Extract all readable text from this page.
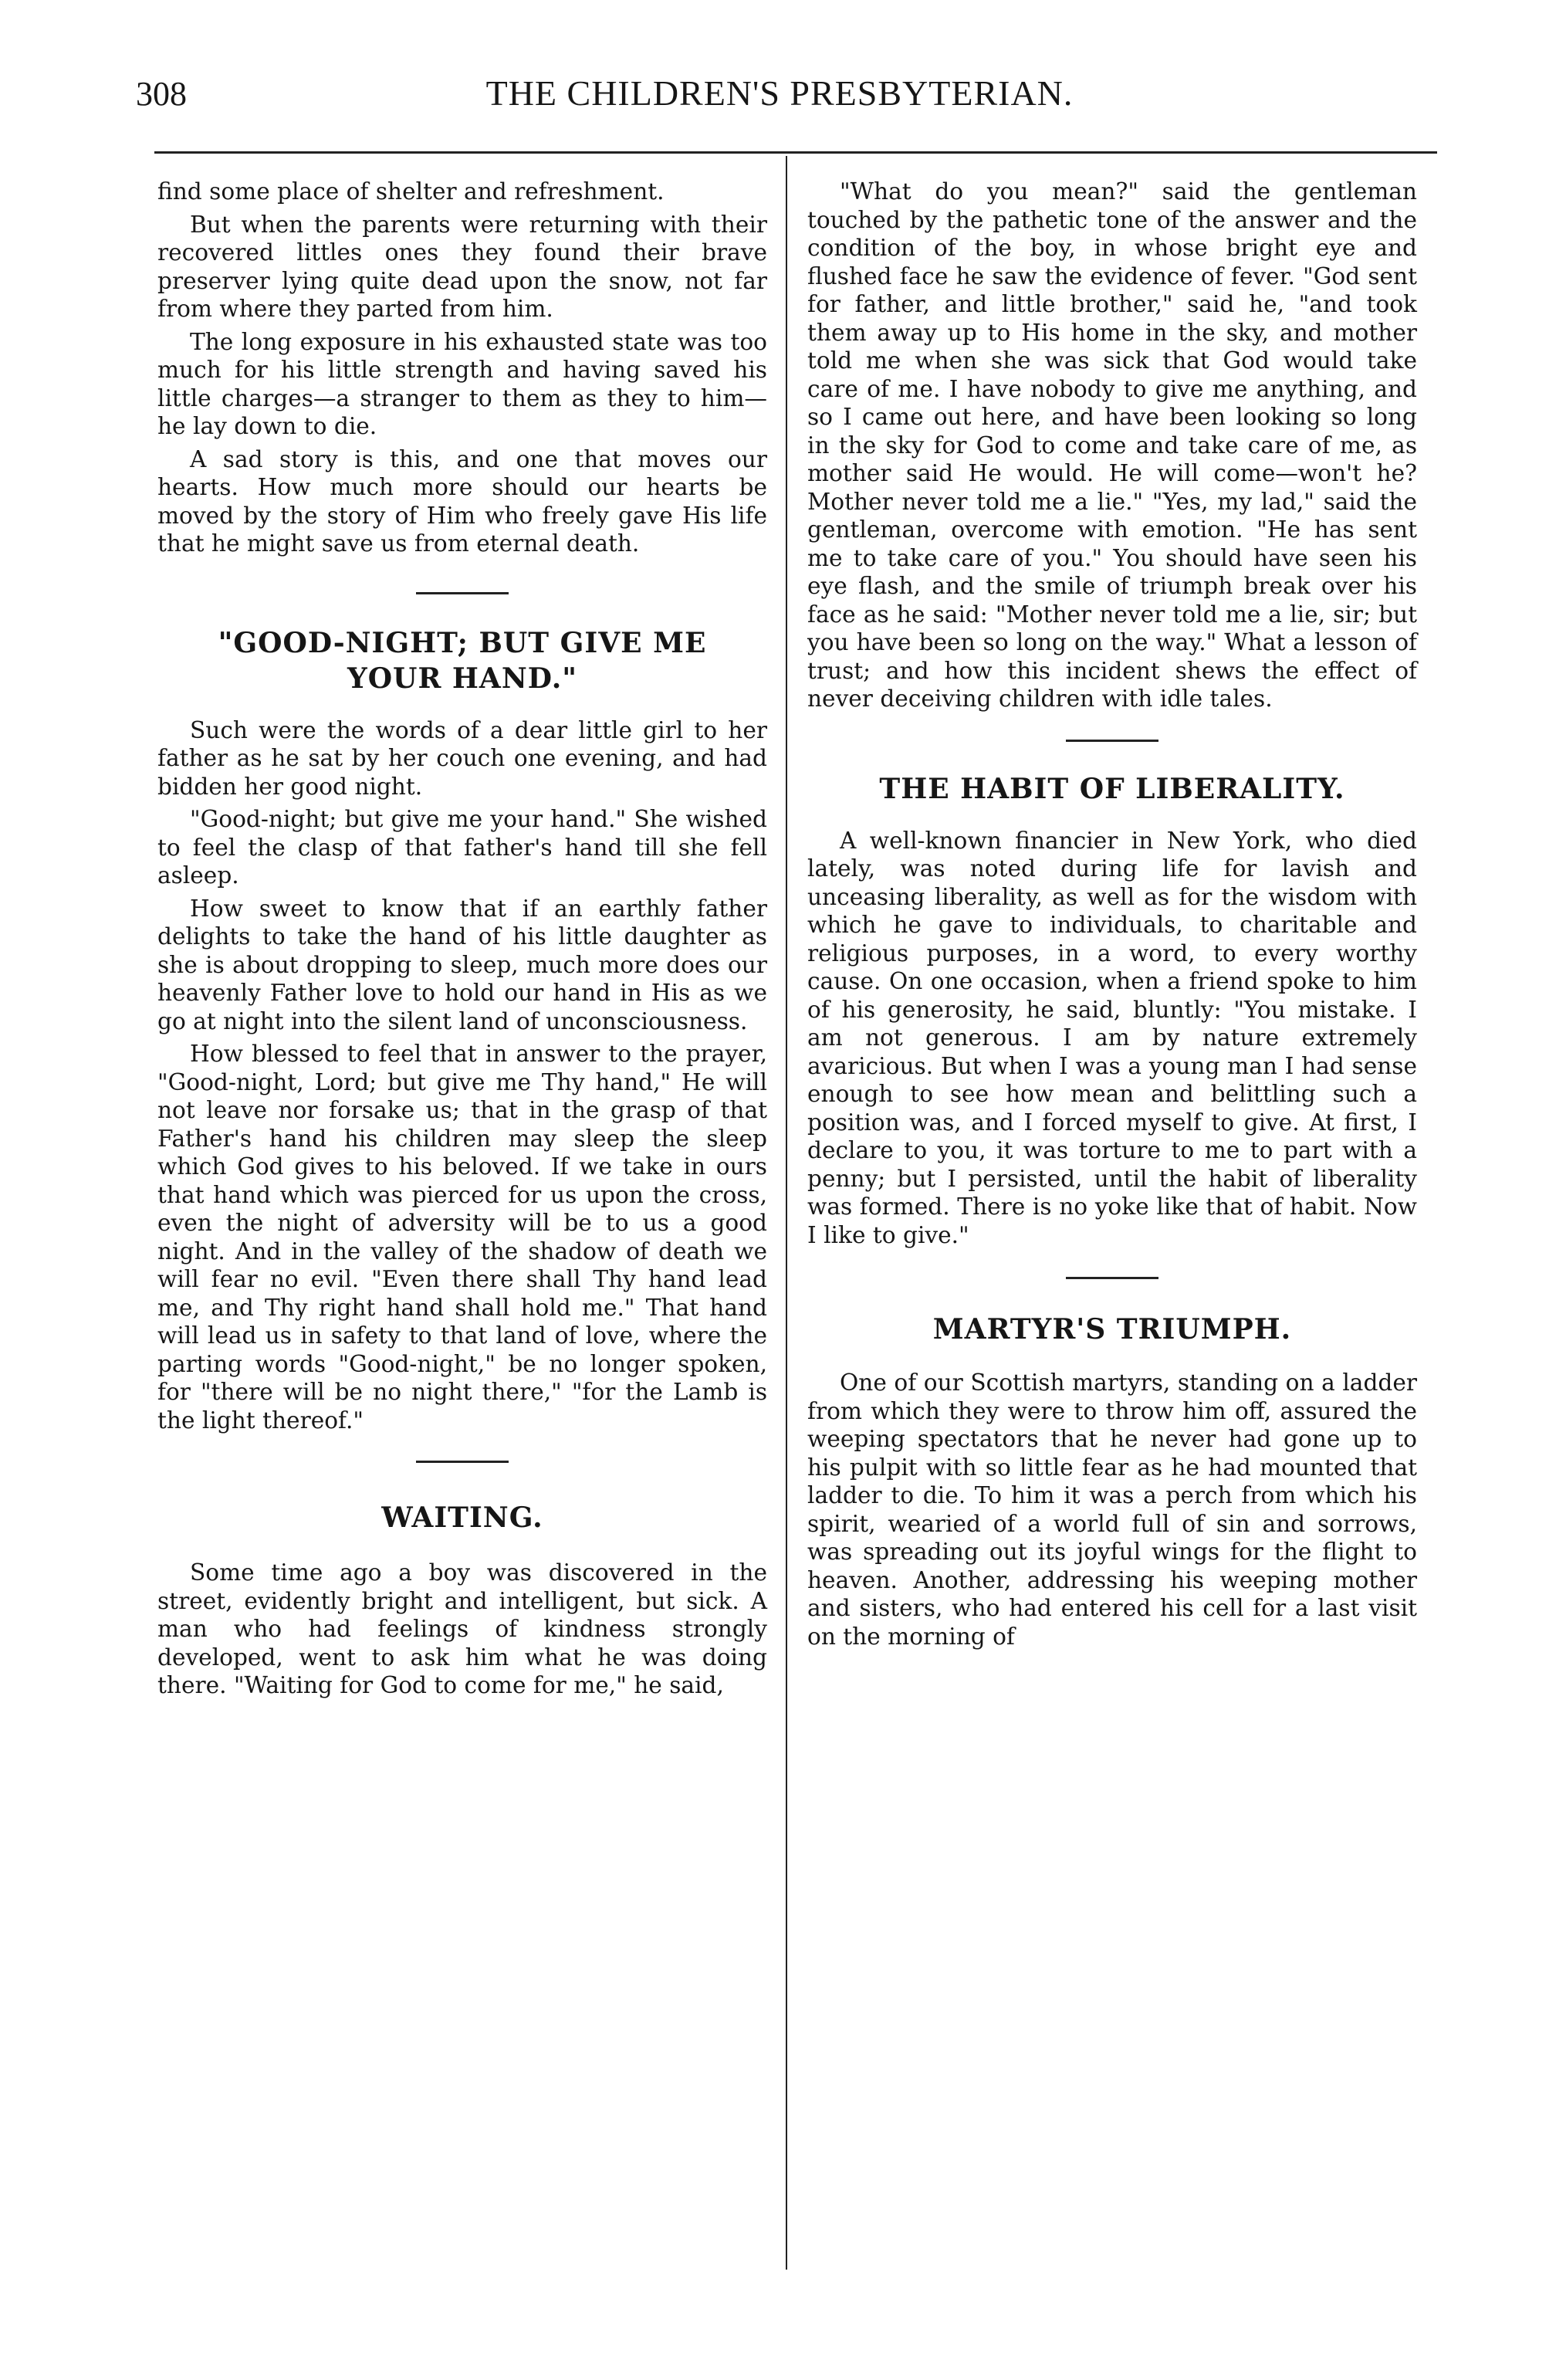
308	THE CHILDREN'S PRESBYTERIAN.

find some place of shelter and refreshment.

But when the parents were returning with their recovered littles ones they found their brave preserver lying quite dead upon the snow, not far from where they parted from him.

The long exposure in his exhausted state was too much for his little strength and having saved his little charges—a stranger to them as they to him—he lay down to die.

A sad story is this, and one that moves our hearts. How much more should our hearts be moved by the story of Him who freely gave His life that he might save us from eternal death.

"GOOD-NIGHT; BUT GIVE ME YOUR HAND."

Such were the words of a dear little girl to her father as he sat by her couch one evening, and had bidden her good night.

"Good-night; but give me your hand." She wished to feel the clasp of that father's hand till she fell asleep.

How sweet to know that if an earthly father delights to take the hand of his little daughter as she is about dropping to sleep, much more does our heavenly Father love to hold our hand in His as we go at night into the silent land of unconsciousness.

How blessed to feel that in answer to the prayer, "Good-night, Lord; but give me Thy hand," He will not leave nor forsake us; that in the grasp of that Father's hand his children may sleep the sleep which God gives to his beloved. If we take in ours that hand which was pierced for us upon the cross, even the night of adversity will be to us a good night. And in the valley of the shadow of death we will fear no evil. "Even there shall Thy hand lead me, and Thy right hand shall hold me." That hand will lead us in safety to that land of love, where the parting words "Good-night," be no longer spoken, for "there will be no night there," "for the Lamb is the light thereof."

WAITING.

Some time ago a boy was discovered in the street, evidently bright and intelligent, but sick. A man who had feelings of kindness strongly developed, went to ask him what he was doing there. "Waiting for God to come for me," he said,

"What do you mean?" said the gentleman touched by the pathetic tone of the answer and the condition of the boy, in whose bright eye and flushed face he saw the evidence of fever. "God sent for father, and little brother," said he, "and took them away up to His home in the sky, and mother told me when she was sick that God would take care of me. I have nobody to give me anything, and so I came out here, and have been looking so long in the sky for God to come and take care of me, as mother said He would. He will come—won't he? Mother never told me a lie." "Yes, my lad," said the gentleman, overcome with emotion. "He has sent me to take care of you." You should have seen his eye flash, and the smile of triumph break over his face as he said: "Mother never told me a lie, sir; but you have been so long on the way." What a lesson of trust; and how this incident shews the effect of never deceiving children with idle tales.

THE HABIT OF LIBERALITY.

A well-known financier in New York, who died lately, was noted during life for lavish and unceasing liberality, as well as for the wisdom with which he gave to individuals, to charitable and religious purposes, in a word, to every worthy cause. On one occasion, when a friend spoke to him of his generosity, he said, bluntly: "You mistake. I am not generous. I am by nature extremely avaricious. But when I was a young man I had sense enough to see how mean and belittling such a position was, and I forced myself to give. At first, I declare to you, it was torture to me to part with a penny; but I persisted, until the habit of liberality was formed. There is no yoke like that of habit. Now I like to give."

MARTYR'S TRIUMPH.

One of our Scottish martyrs, standing on a ladder from which they were to throw him off, assured the weeping spectators that he never had gone up to his pulpit with so little fear as he had mounted that ladder to die. To him it was a perch from which his spirit, wearied of a world full of sin and sorrows, was spreading out its joyful wings for the flight to heaven. Another, addressing his weeping mother and sisters, who had entered his cell for a last visit on the morning of
